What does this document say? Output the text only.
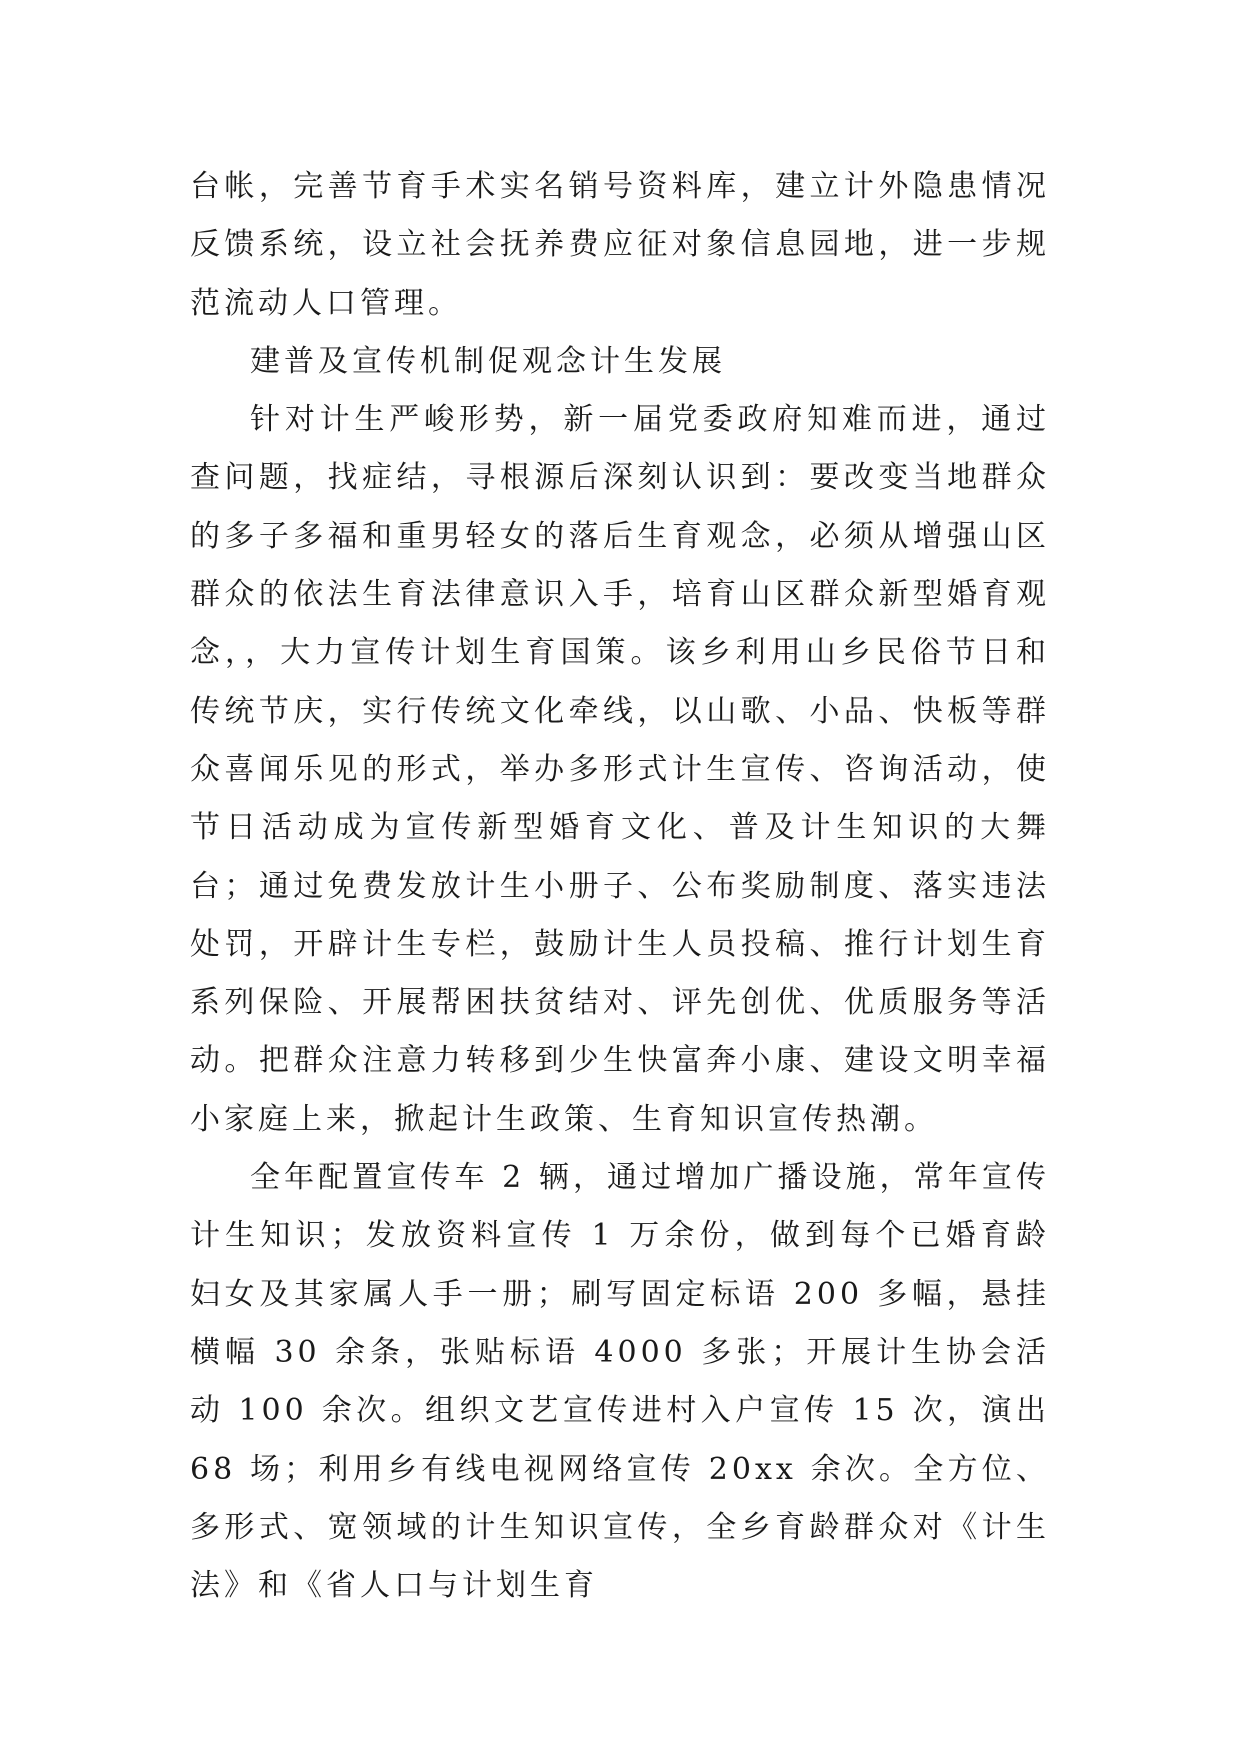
台帐，完善节育手术实名销号资料库，建立计外隐患情况反馈系统，设立社会抚养费应征对象信息园地，进一步规范流动人口管理。

建普及宣传机制促观念计生发展

针对计生严峻形势，新一届党委政府知难而进，通过查问题，找症结，寻根源后深刻认识到：要改变当地群众的多子多福和重男轻女的落后生育观念，必须从增强山区群众的依法生育法律意识入手，培育山区群众新型婚育观念，，大力宣传计划生育国策。该乡利用山乡民俗节日和传统节庆，实行传统文化牵线，以山歌、小品、快板等群众喜闻乐见的形式，举办多形式计生宣传、咨询活动，使节日活动成为宣传新型婚育文化、普及计生知识的大舞台；通过免费发放计生小册子、公布奖励制度、落实违法处罚，开辟计生专栏，鼓励计生人员投稿、推行计划生育系列保险、开展帮困扶贫结对、评先创优、优质服务等活动。把群众注意力转移到少生快富奔小康、建设文明幸福小家庭上来，掀起计生政策、生育知识宣传热潮。

全年配置宣传车 2 辆，通过增加广播设施，常年宣传计生知识；发放资料宣传 1 万余份，做到每个已婚育龄妇女及其家属人手一册；刷写固定标语 200 多幅，悬挂横幅 30 余条，张贴标语 4000 多张；开展计生协会活动 100 余次。组织文艺宣传进村入户宣传 15 次，演出 68 场；利用乡有线电视网络宣传 20xx 余次。全方位、多形式、宽领域的计生知识宣传，全乡育龄群众对《计生法》和《省人口与计划生育
